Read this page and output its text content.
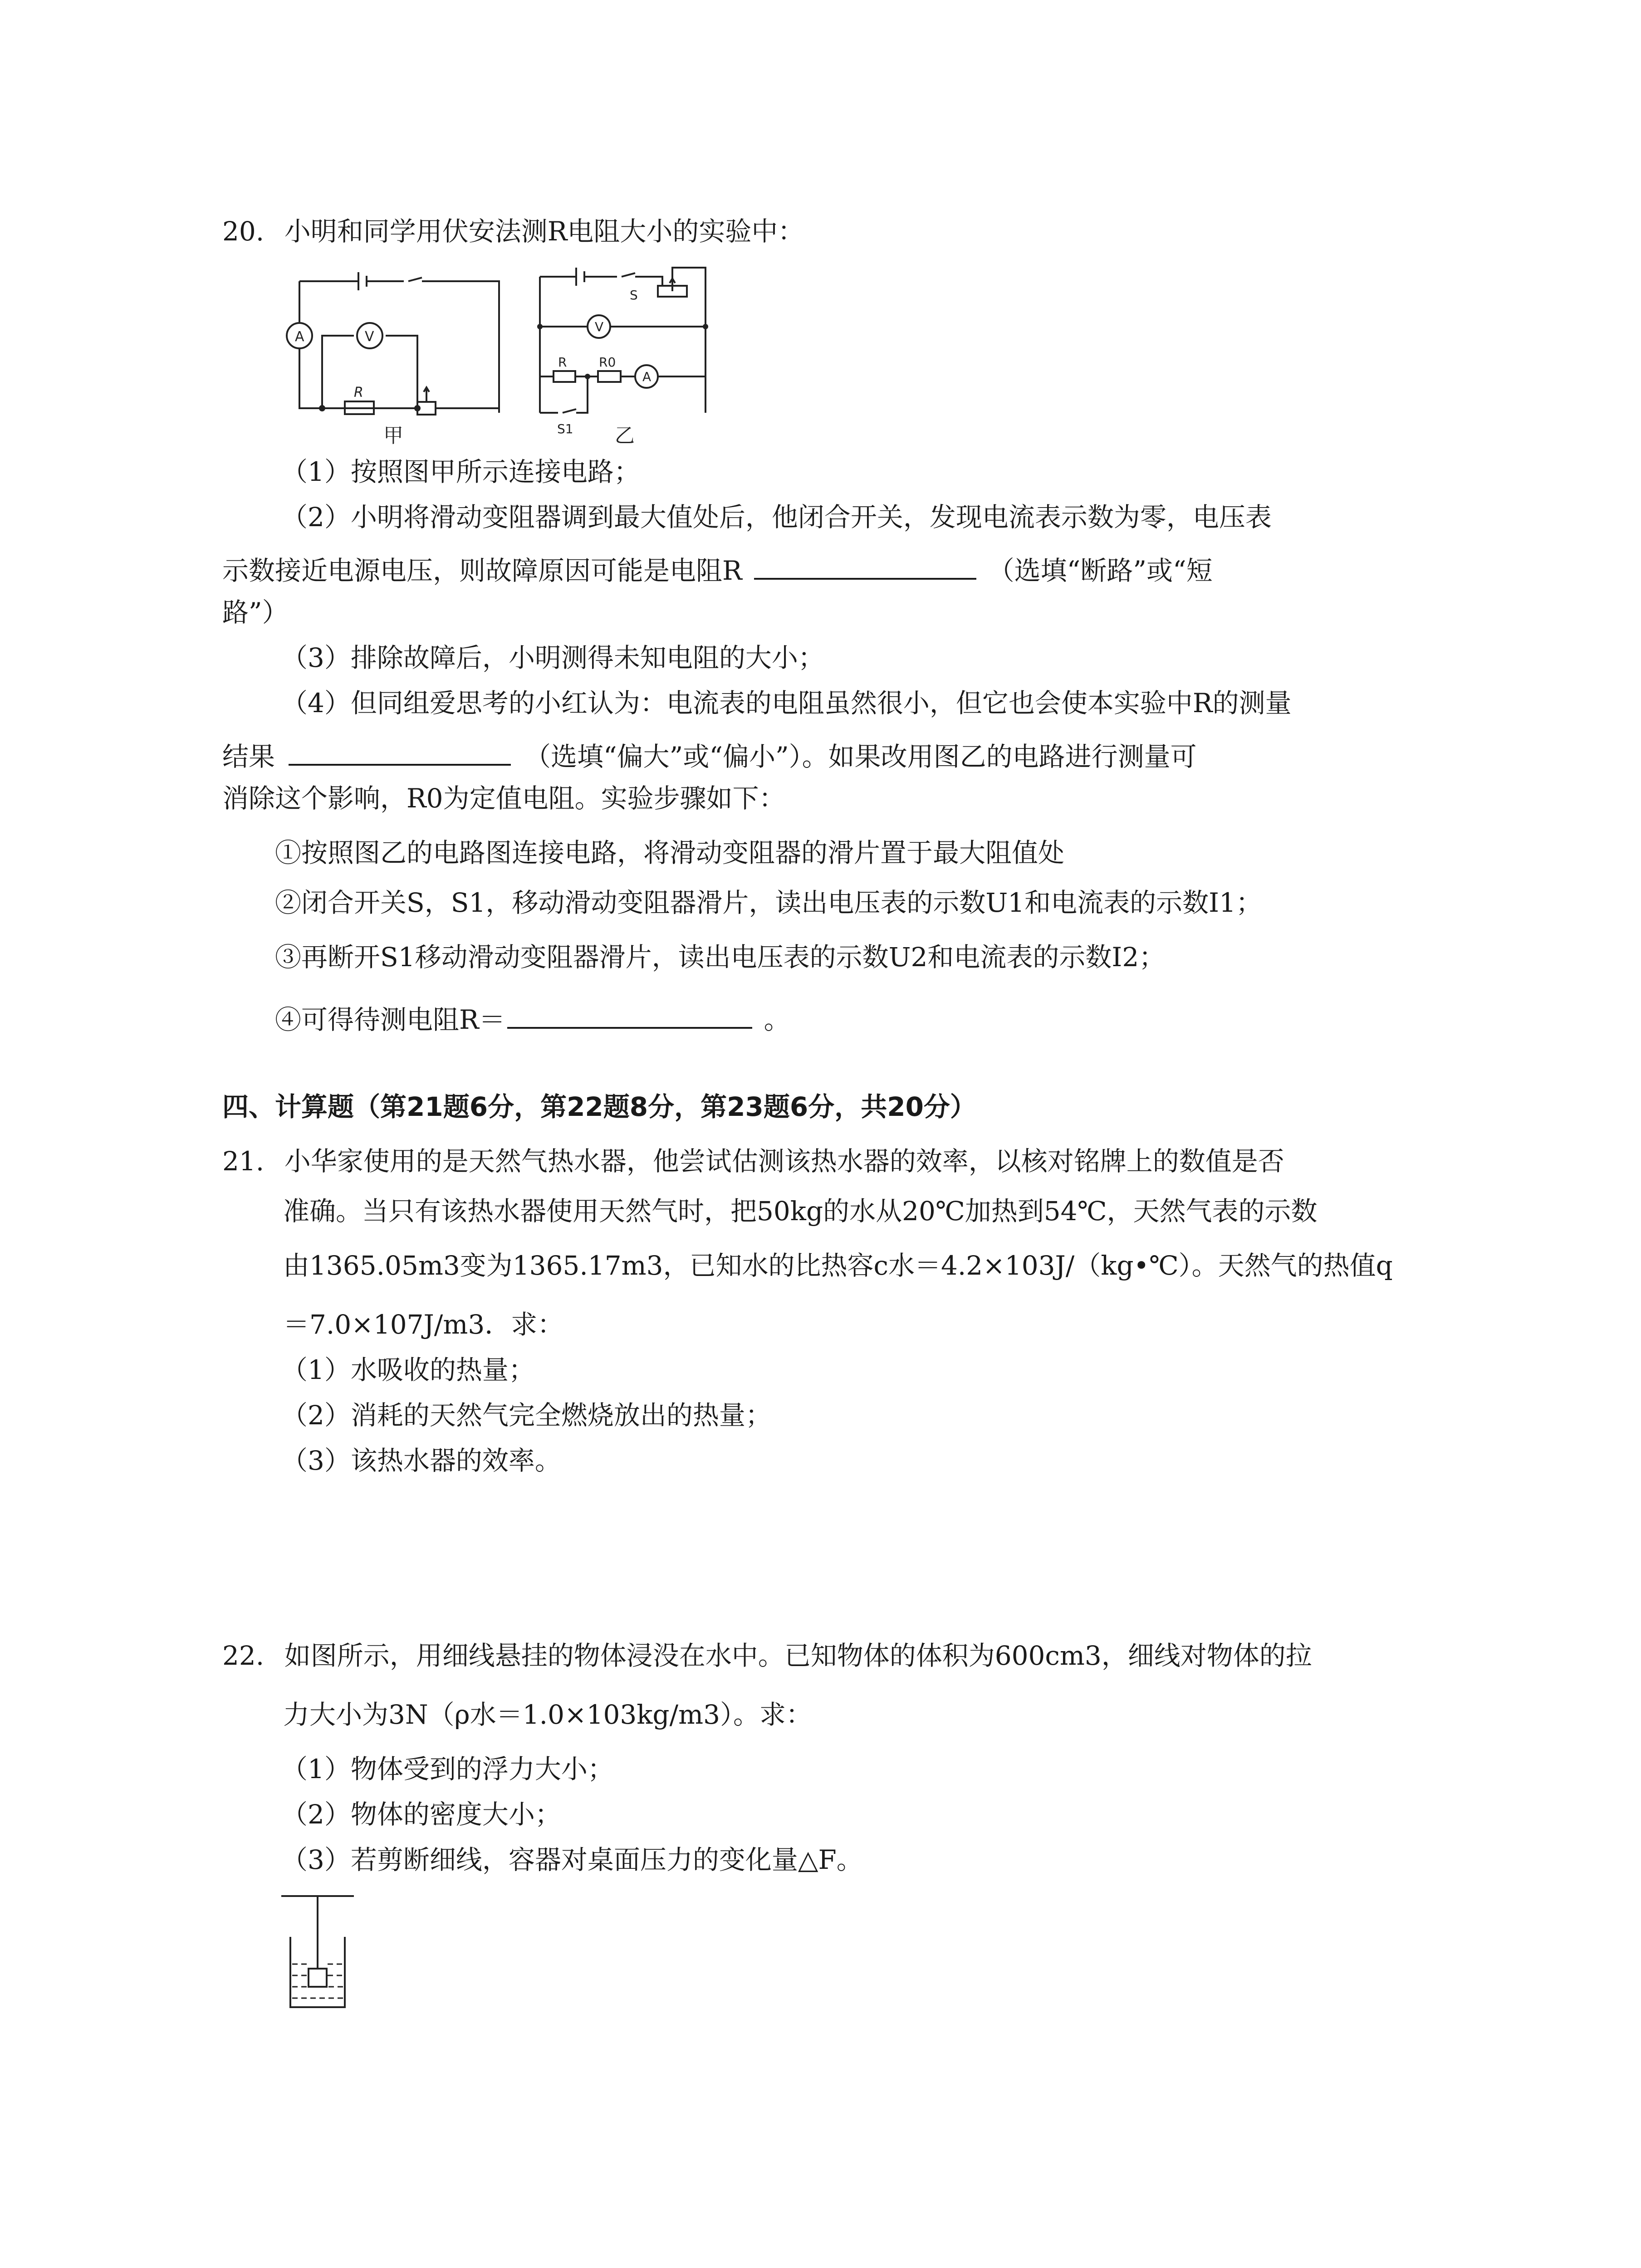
20. 小明和同学用伏安法测R电阻大小的实验中：
A	V
R
甲
S
V
R	R0
A
S1 乙
（1）按照图甲所示连接电路；
（2）小明将滑动变阻器调到最大值处后，他闭合开关，发现电流表示数为零，电压表
示数接近电源电压，则故障原因可能是电阻R	（选填“断路”或“短
路”）
（3）排除故障后，小明测得未知电阻的大小；
（4）但同组爱思考的小红认为：电流表的电阻虽然很小，但它也会使本实验中R的测量
结果	（选填“偏大”或“偏小”）。如果改用图乙的电路进行测量可
消除这个影响，R0为定值电阻。实验步骤如下：
①按照图乙的电路图连接电路，将滑动变阻器的滑片置于最大阻值处
②闭合开关S，S1，移动滑动变阻器滑片，读出电压表的示数U1和电流表的示数I1；
③再断开S1移动滑动变阻器滑片，读出电压表的示数U2和电流表的示数I2；
④可得待测电阻R＝	。
四、计算题（第21题6分，第22题8分，第23题6分，共20分）
21. 小华家使用的是天然气热水器，他尝试估测该热水器的效率，以核对铭牌上的数值是否
准确。当只有该热水器使用天然气时，把50kg的水从20℃加热到54℃，天然气表的示数
由1365.05m3变为1365.17m3，已知水的比热容c水＝4.2×103J/（kg•℃）。天然气的热值q
＝7.0×107J/m3．求：
（1）水吸收的热量；
（2）消耗的天然气完全燃烧放出的热量；
（3）该热水器的效率。
22. 如图所示，用细线悬挂的物体浸没在水中。已知物体的体积为600cm3，细线对物体的拉
力大小为3N（ρ水＝1.0×103kg/m3）。求：
（1）物体受到的浮力大小；
（2）物体的密度大小；
（3）若剪断细线，容器对桌面压力的变化量△F。
